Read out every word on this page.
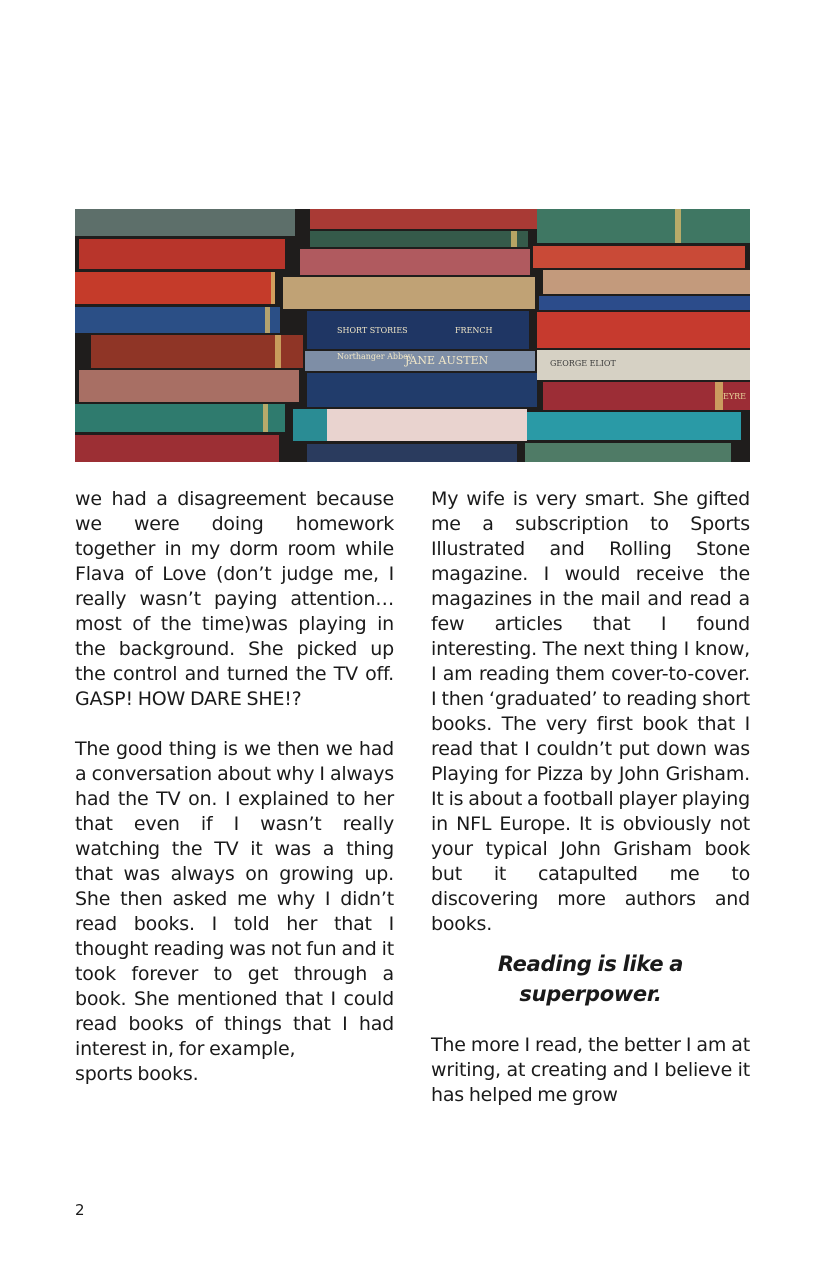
Northanger Abbey
JANE AUSTEN
SHORT STORIES	FRENCH
GEORGE ELIOT
EYRE

we had a disagreement because we were doing homework together in my dorm room while Flava of Love (don’t judge me, I really wasn’t paying attention… most of the time)was playing in the background. She picked up the control and turned the TV off. GASP! HOW DARE SHE!?

The good thing is we then we had a conversation about why I always had the TV on. I explained to her that even if I wasn’t really watching the TV it was a thing that was always on growing up. She then asked me why I didn’t read books. I told her that I thought reading was not fun and it took forever to get through a book. She mentioned that I could read books of things that I had interest in, for example,

sports books.

My wife is very smart. She gifted me a subscription to Sports Illustrated and Rolling Stone magazine. I would receive the magazines in the mail and read a few articles that I found interesting. The next thing I know, I am reading them cover-to-cover. I then ‘graduated’ to reading short books. The very first book that I read that I couldn’t put down was Playing for Pizza by John Grisham. It is about a football player playing in NFL Europe. It is obviously not your typical John Grisham book but it catapulted me to discovering more authors and books.

Reading is like a superpower.

The more I read, the better I am at writing, at creating and I believe it has helped me grow

2
